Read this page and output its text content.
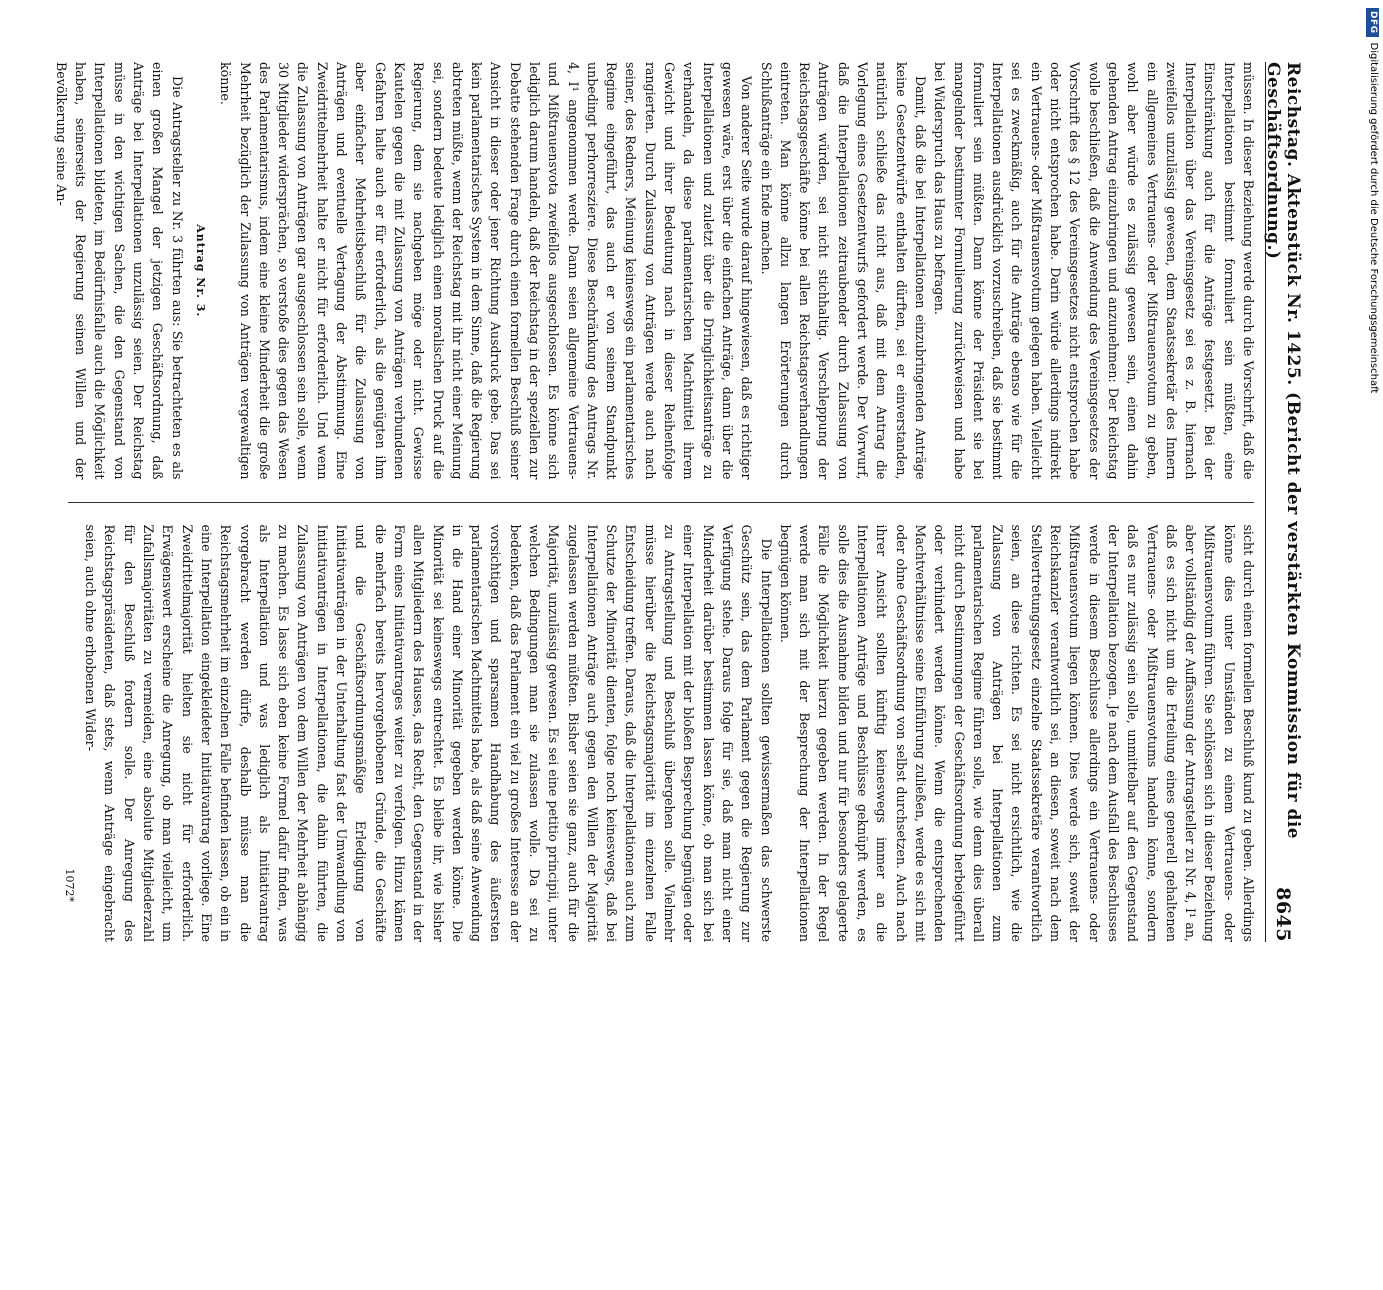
Reichstag. Aktenstück Nr. 1425. (Bericht der verstärkten Kommission für die Geschäftsordnung.)
8645

müssen. In dieser Beziehung werde durch die Vorschrift, daß die Interpellationen bestimmt formuliert sein müßten, eine Einschränkung auch für die Anträge festgesetzt. Bei der Interpellation über das Vereinsgesetz sei es z. B. hiernach zweifellos unzulässig gewesen, dem Staatssekretär des Innern ein allgemeines Vertrauens- oder Mißtrauensvotum zu geben, wohl aber würde es zulässig gewesen sein, einen dahin gehenden Antrag einzubringen und anzunehmen: Der Reichstag wolle beschließen, daß die Anwendung des Vereinsgesetzes der Vorschrift des § 12 des Vereinsgesetzes nicht entsprochen habe oder nicht entsprochen habe. Darin würde allerdings indirekt ein Vertrauens- oder Mißtrauensvotum gelegen haben. Vielleicht sei es zweckmäßig, auch für die Anträge ebenso wie für die Interpellationen ausdrücklich vorzuschreiben, daß sie bestimmt formuliert sein müßten. Dann könne der Präsident sie bei mangelnder bestimmter Formulierung zurückweisen und habe bei Widerspruch das Haus zu befragen.

Damit, daß die bei Interpellationen einzubringenden Anträge keine Gesetzentwürfe enthalten dürften, sei er einverstanden, natürlich schließe das nicht aus, daß mit dem Antrag die Vorlegung eines Gesetzentwurfs gefordert werde. Der Vorwurf, daß die Interpellationen zeitraubender durch Zulassung von Anträgen würden, sei nicht stichhaltig. Verschleppung der Reichstagsgeschäfte könne bei allen Reichstagsverhandlungen eintreten. Man könne allzu langen Erörterungen durch Schlußanträge ein Ende machen.

Von anderer Seite wurde darauf hingewiesen, daß es richtiger gewesen wäre, erst über die einfachen Anträge, dann über die Interpellationen und zuletzt über die Dringlichkeitsanträge zu verhandeln, da diese parlamentarischen Machtmittel ihrem Gewicht und ihrer Bedeutung nach in dieser Reihenfolge rangierten. Durch Zulassung von Anträgen werde auch nach seiner, des Redners, Meinung keineswegs ein parlamentarisches Regime eingeführt, das auch er von seinem Standpunkt unbedingt perhorresziere. Diese Beschränkung des Antrags Nr. 4, I¹ angenommen werde. Dann seien allgemeine Vertrauens- und Mißtrauensvota zweifellos ausgeschlossen. Es könne sich lediglich darum handeln, daß der Reichstag in der speziellen zur Debatte stehenden Frage durch einen formellen Beschluß seiner Ansicht in dieser oder jener Richtung Ausdruck gebe. Das sei kein parlamentarisches System in dem Sinne, daß die Regierung abtreten müßte, wenn der Reichstag mit ihr nicht einer Meinung sei, sondern bedeute lediglich einen moralischen Druck auf die Regierung, dem sie nachgeben möge oder nicht. Gewisse Kautelen gegen die mit Zulassung von Anträgen verbundenen Gefahren halte auch er für erforderlich, als die genügten ihm aber einfacher Mehrheitsbeschluß für die Zulassung von Anträgen und eventuelle Vertagung der Abstimmung. Eine Zweidrittelmehrheit halte er nicht für erforderlich. Und wenn die Zulassung von Anträgen gar ausgeschlossen sein solle, wenn 30 Mitglieder widersprächen, so verstoße dies gegen das Wesen des Parlamentarismus, indem eine kleine Minderheit die große Mehrheit bezüglich der Zulassung von Anträgen vergewaltigen könne.

Antrag Nr. 3.

Die Antragsteller zu Nr. 3 führten aus: Sie betrachteten es als einen großen Mangel der jetzigen Geschäftsordnung, daß Anträge bei Interpellationen unzulässig seien. Der Reichstag müsse in den wichtigen Sachen, die den Gegenstand von Interpellationen bildeten, im Bedürfnisfalle auch die Möglichkeit haben, seinerseits der Regierung seinen Willen und der Bevölkerung seine An-

sicht durch einen formellen Beschluß kund zu geben. Allerdings könne dies unter Umständen zu einem Vertrauens- oder Mißtrauensvotum führen. Sie schlössen sich in dieser Beziehung aber vollständig der Auffassung der Antragsteller zu Nr. 4, I¹ an, daß es sich nicht um die Erteilung eines generell gehaltenen Vertrauens- oder Mißtrauensvotums handeln könne, sondern daß es nur zulässig sein solle, unmittelbar auf den Gegenstand der Interpellation bezogen. Je nach dem Ausfall des Beschlusses werde in diesem Beschlusse allerdings ein Vertrauens- oder Mißtrauensvotum liegen können. Dies werde sich, soweit der Reichskanzler verantwortlich sei, an diesen, soweit nach dem Stellvertretungsgesetz einzelne Staatssekretäre verantwortlich seien, an diese richten. Es sei nicht ersichtlich, wie die Zulassung von Anträgen bei Interpellationen zum parlamentarischen Regime führen solle, wie denn dies überall nicht durch Bestimmungen der Geschäftsordnung herbeigeführt oder verhindert werden könne. Wenn die entsprechenden Machtverhältnisse seine Einführung zuließen, werde es sich mit oder ohne Geschäftsordnung von selbst durchsetzen. Auch nach ihrer Ansicht sollten künftig keineswegs immer an die Interpellationen Anträge und Beschlüsse geknüpft werden, es solle dies die Ausnahme bilden und nur für besonders gelagerte Fälle die Möglichkeit hierzu gegeben werden. In der Regel werde man sich mit der Besprechung der Interpellationen begnügen können.

Die Interpellationen sollten gewissermaßen das schwerste Geschütz sein, das dem Parlament gegen die Regierung zur Verfügung stehe. Daraus folge für sie, daß man nicht einer Minderheit darüber bestimmen lassen könne, ob man sich bei einer Interpellation mit der bloßen Besprechung begnügen oder zu Antragstellung und Beschluß übergehen solle. Vielmehr müsse hierüber die Reichstagsmajorität im einzelnen Falle Entscheidung treffen. Daraus, daß die Interpellationen auch zum Schutze der Minorität dienten, folge noch keineswegs, daß bei Interpellationen Anträge auch gegen den Willen der Majorität zugelassen werden müßten. Bisher seien sie ganz, auch für die Majorität, unzulässig gewesen. Es sei eine petitio principii, unter welchen Bedingungen man sie zulassen wolle. Da sei zu bedenken, daß das Parlament ein viel zu großes Interesse an der vorsichtigen und sparsamen Handhabung des äußersten parlamentarischen Machtmittels habe, als daß seine Anwendung in die Hand einer Minorität gegeben werden könne. Die Minorität sei keineswegs entrechtet. Es bleibe ihr, wie bisher allen Mitgliedern des Hauses, das Recht, den Gegenstand in der Form eines Initiativantrages weiter zu verfolgen. Hinzu kämen die mehrfach bereits hervorgehobenen Gründe, die Geschäfte und die Geschäftsordnungsmäßige Erledigung von Initiativanträgen in der Unterhaltung fast der Umwandlung von Initiativanträgen in Interpellationen, die dahin führten, die Zulassung von Anträgen von dem Willen der Mehrheit abhängig zu machen. Es lasse sich eben keine Formel dafür finden, was als Interpellation und was lediglich als Initiativantrag vorgebracht werden dürfe, deshalb müsse man die Reichstagsmehrheit im einzelnen Falle befinden lassen, ob ein in eine Interpellation eingekleideter Initiativantrag vorliege. Eine Zweidrittelmajorität hielten sie nicht für erforderlich. Erwägenswert erscheine die Anregung, ob man vielleicht, um Zufallsmajoritäten zu vermeiden, eine absolute Mitgliederzahl für den Beschluß fordern solle. Der Anregung des Reichstagspräsidenten, daß stets, wenn Anträge eingebracht seien, auch ohne erhobenen Wider-

1072*
DFG
Digitalisierung gefördert durch die Deutsche Forschungsgemeinschaft
